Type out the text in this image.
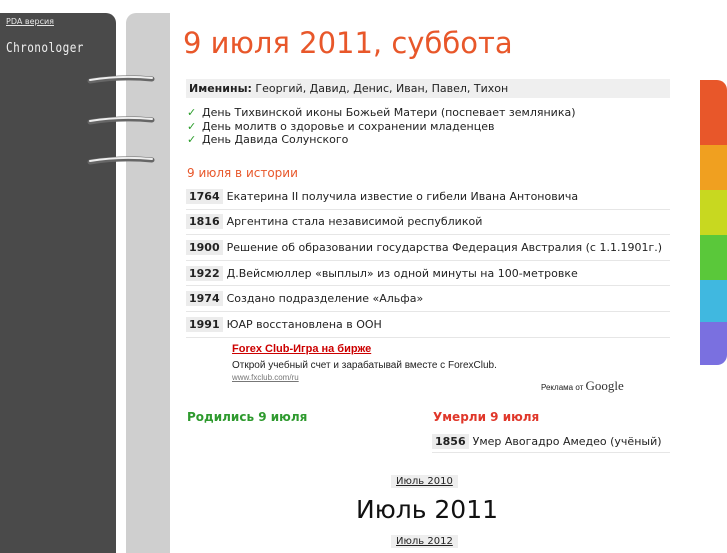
PDA версия
Chronologer	9 июля 2011, суббота
Именины: Георгий, Давид, Денис, Иван, Павел, Тихон
✓ День Тихвинской иконы Божьей Матери (поспевает земляника)
✓ День молитв о здоровье и сохранении младенцев
✓ День Давида Солунского
9 июля в истории
1764 Екатерина II получила известие о гибели Ивана Антоновича
1816 Аргентина стала независимой республикой
1900 Решение об образовании государства Федерация Австралия (с 1.1.1901г.)
1922 Д.Вейсмюллер «выплыл» из одной минуты на 100-метровке
1974 Создано подразделение «Альфа»
1991 ЮАР восстановлена в ООН
Forex Club-Игра на бирже
Открой учебный счет и зарабатывай вместе с ForexClub.
www.fxclub.com/ru
Реклама от Google
Родились 9 июля	Умерли 9 июля
1856 Умер Авогадро Амедео (учёный)
Июль 2010
Июль 2011
Июль 2012
